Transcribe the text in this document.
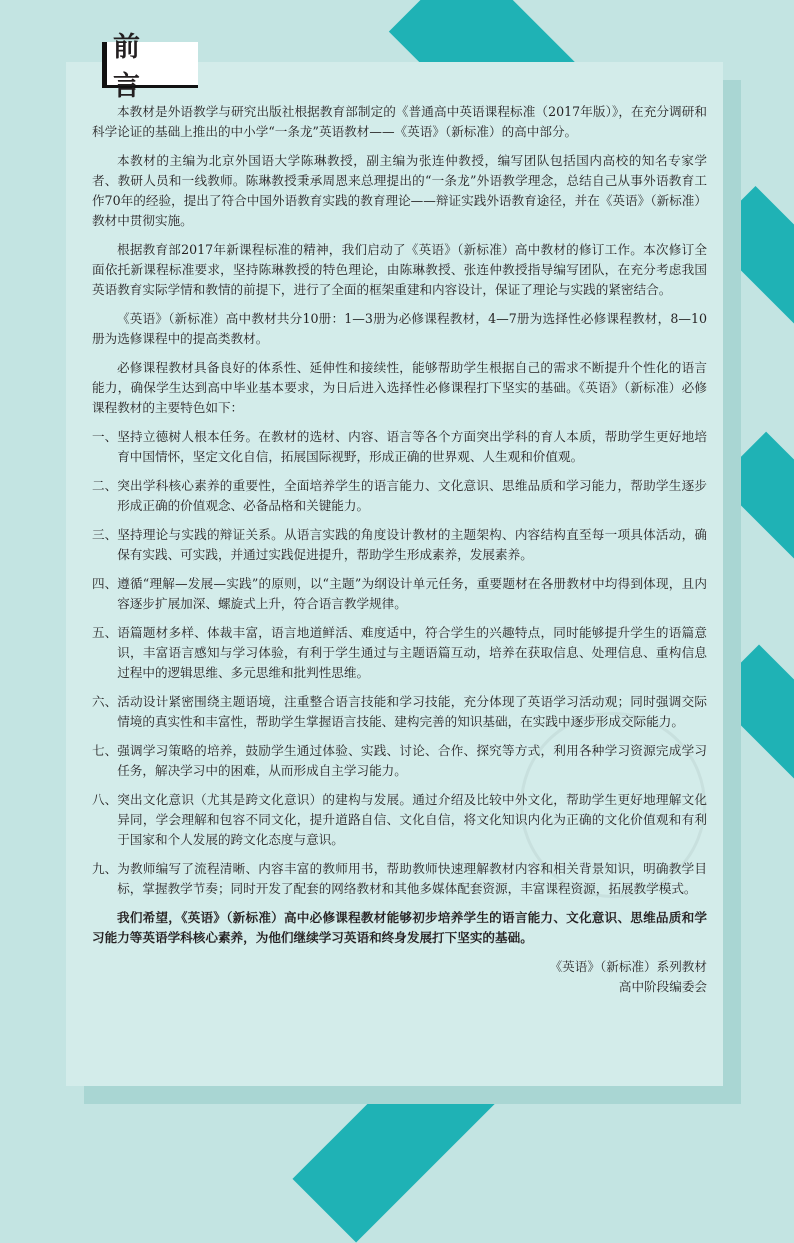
前 言

本教材是外语教学与研究出版社根据教育部制定的《普通高中英语课程标准（2017年版）》，在充分调研和科学论证的基础上推出的中小学“一条龙”英语教材——《英语》（新标准）的高中部分。

本教材的主编为北京外国语大学陈琳教授，副主编为张连仲教授，编写团队包括国内高校的知名专家学者、教研人员和一线教师。陈琳教授秉承周恩来总理提出的“一条龙”外语教学理念，总结自己从事外语教育工作70年的经验，提出了符合中国外语教育实践的教育理论——辩证实践外语教育途径，并在《英语》（新标准）教材中贯彻实施。

根据教育部2017年新课程标准的精神，我们启动了《英语》（新标准）高中教材的修订工作。本次修订全面依托新课程标准要求，坚持陈琳教授的特色理论，由陈琳教授、张连仲教授指导编写团队，在充分考虑我国英语教育实际学情和教情的前提下，进行了全面的框架重建和内容设计，保证了理论与实践的紧密结合。

《英语》（新标准）高中教材共分10册：1—3册为必修课程教材，4—7册为选择性必修课程教材，8—10册为选修课程中的提高类教材。

必修课程教材具备良好的体系性、延伸性和接续性，能够帮助学生根据自己的需求不断提升个性化的语言能力，确保学生达到高中毕业基本要求，为日后进入选择性必修课程打下坚实的基础。《英语》（新标准）必修课程教材的主要特色如下：

一、 坚持立德树人根本任务。在教材的选材、内容、语言等各个方面突出学科的育人本质，帮助学生更好地培育中国情怀，坚定文化自信，拓展国际视野，形成正确的世界观、人生观和价值观。
二、 突出学科核心素养的重要性，全面培养学生的语言能力、文化意识、思维品质和学习能力，帮助学生逐步形成正确的价值观念、必备品格和关键能力。
三、 坚持理论与实践的辩证关系。从语言实践的角度设计教材的主题架构、内容结构直至每一项具体活动，确保有实践、可实践，并通过实践促进提升，帮助学生形成素养，发展素养。
四、 遵循“理解—发展—实践”的原则，以“主题”为纲设计单元任务，重要题材在各册教材中均得到体现，且内容逐步扩展加深、螺旋式上升，符合语言教学规律。
五、 语篇题材多样、体裁丰富，语言地道鲜活、难度适中，符合学生的兴趣特点，同时能够提升学生的语篇意识，丰富语言感知与学习体验，有利于学生通过与主题语篇互动，培养在获取信息、处理信息、重构信息过程中的逻辑思维、多元思维和批判性思维。
六、 活动设计紧密围绕主题语境，注重整合语言技能和学习技能，充分体现了英语学习活动观；同时强调交际情境的真实性和丰富性，帮助学生掌握语言技能、建构完善的知识基础，在实践中逐步形成交际能力。
七、 强调学习策略的培养，鼓励学生通过体验、实践、讨论、合作、探究等方式，利用各种学习资源完成学习任务，解决学习中的困难，从而形成自主学习能力。
八、 突出文化意识（尤其是跨文化意识）的建构与发展。通过介绍及比较中外文化，帮助学生更好地理解文化异同，学会理解和包容不同文化，提升道路自信、文化自信，将文化知识内化为正确的文化价值观和有利于国家和个人发展的跨文化态度与意识。
九、 为教师编写了流程清晰、内容丰富的教师用书，帮助教师快速理解教材内容和相关背景知识，明确教学目标，掌握教学节奏；同时开发了配套的网络教材和其他多媒体配套资源，丰富课程资源，拓展教学模式。

我们希望，《英语》（新标准）高中必修课程教材能够初步培养学生的语言能力、文化意识、思维品质和学习能力等英语学科核心素养，为他们继续学习英语和终身发展打下坚实的基础。

《英语》（新标准）系列教材
高中阶段编委会
